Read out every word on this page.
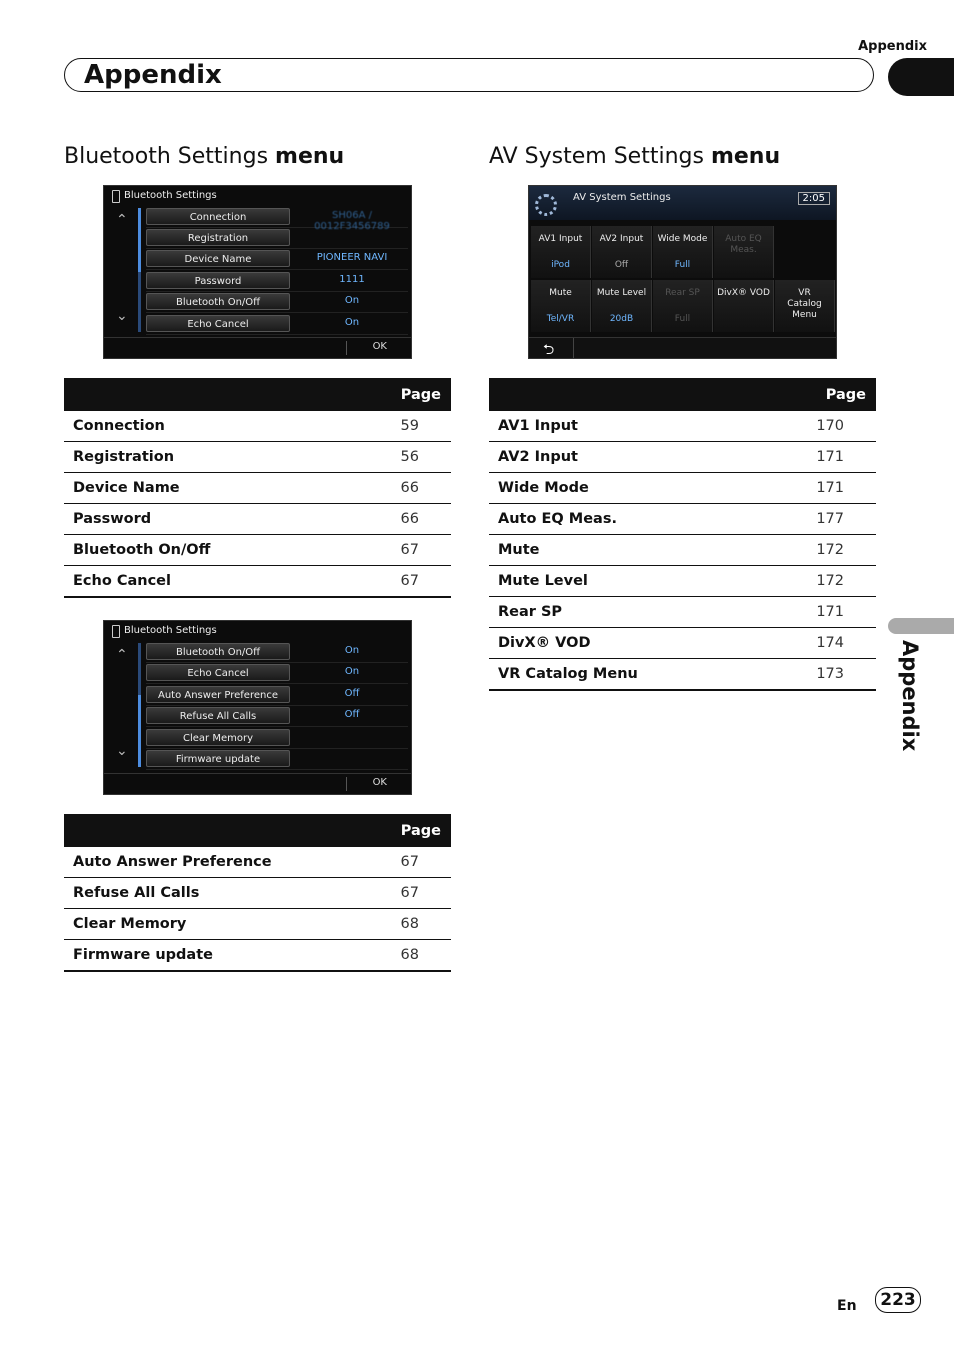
Appendix
Appendix
Bluetooth Settings menu
Bluetooth Settings
⌃
⌄
Connection	SH06A / 0012F3456789
Registration
Device Name	PIONEER NAVI
Password	1111
Bluetooth On/Off	On
Echo Cancel	On
OK
Page	
Connection	59
Registration	56
Device Name	66
Password	66
Bluetooth On/Off	67
Echo Cancel	67
Bluetooth Settings
⌃
⌄
Bluetooth On/Off	On
Echo Cancel	On
Auto Answer Preference	Off
Refuse All Calls	Off
Clear Memory
Firmware update
OK
Page	
Auto Answer Preference	67
Refuse All Calls	67
Clear Memory	68
Firmware update	68
AV System Settings menu
AV System Settings	2:05
AV1 Input
iPod
AV2 Input
Off
Wide Mode
Full
Auto EQ Meas.
Mute
Tel/VR
Mute Level
20dB
Rear SP
Full
DivX® VOD	VR Catalog Menu
⮌
Page	
AV1 Input	170
AV2 Input	171
Wide Mode	171
Auto EQ Meas.	177
Mute	172
Mute Level	172
Rear SP	171
DivX® VOD	174
VR Catalog Menu	173	Appendix
En	223
